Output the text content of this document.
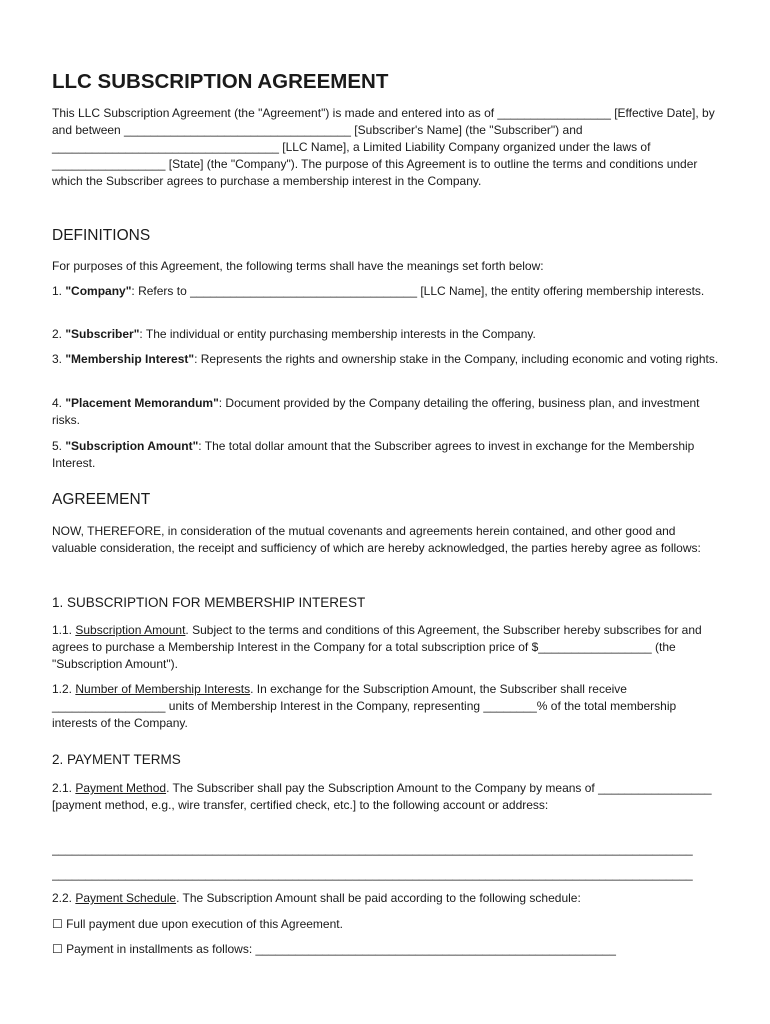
LLC SUBSCRIPTION AGREEMENT

This LLC Subscription Agreement (the "Agreement") is made and entered into as of _________________ [Effective Date], by and between __________________________________ [Subscriber's Name] (the "Subscriber") and __________________________________ [LLC Name], a Limited Liability Company organized under the laws of _________________ [State] (the "Company"). The purpose of this Agreement is to outline the terms and conditions under which the Subscriber agrees to purchase a membership interest in the Company.

DEFINITIONS

For purposes of this Agreement, the following terms shall have the meanings set forth below:

1. "Company": Refers to __________________________________ [LLC Name], the entity offering membership interests.

2. "Subscriber": The individual or entity purchasing membership interests in the Company.

3. "Membership Interest": Represents the rights and ownership stake in the Company, including economic and voting rights.

4. "Placement Memorandum": Document provided by the Company detailing the offering, business plan, and investment risks.

5. "Subscription Amount": The total dollar amount that the Subscriber agrees to invest in exchange for the Membership Interest.

AGREEMENT

NOW, THEREFORE, in consideration of the mutual covenants and agreements herein contained, and other good and valuable consideration, the receipt and sufficiency of which are hereby acknowledged, the parties hereby agree as follows:

1. SUBSCRIPTION FOR MEMBERSHIP INTEREST

1.1. Subscription Amount. Subject to the terms and conditions of this Agreement, the Subscriber hereby subscribes for and agrees to purchase a Membership Interest in the Company for a total subscription price of $_________________ (the "Subscription Amount").

1.2. Number of Membership Interests. In exchange for the Subscription Amount, the Subscriber shall receive _________________ units of Membership Interest in the Company, representing ________% of the total membership interests of the Company.

2. PAYMENT TERMS

2.1. Payment Method. The Subscriber shall pay the Subscription Amount to the Company by means of _________________ [payment method, e.g., wire transfer, certified check, etc.] to the following account or address:

________________________________________________________________________________________________

________________________________________________________________________________________________

2.2. Payment Schedule. The Subscription Amount shall be paid according to the following schedule:

☐ Full payment due upon execution of this Agreement.

☐ Payment in installments as follows: ______________________________________________________
